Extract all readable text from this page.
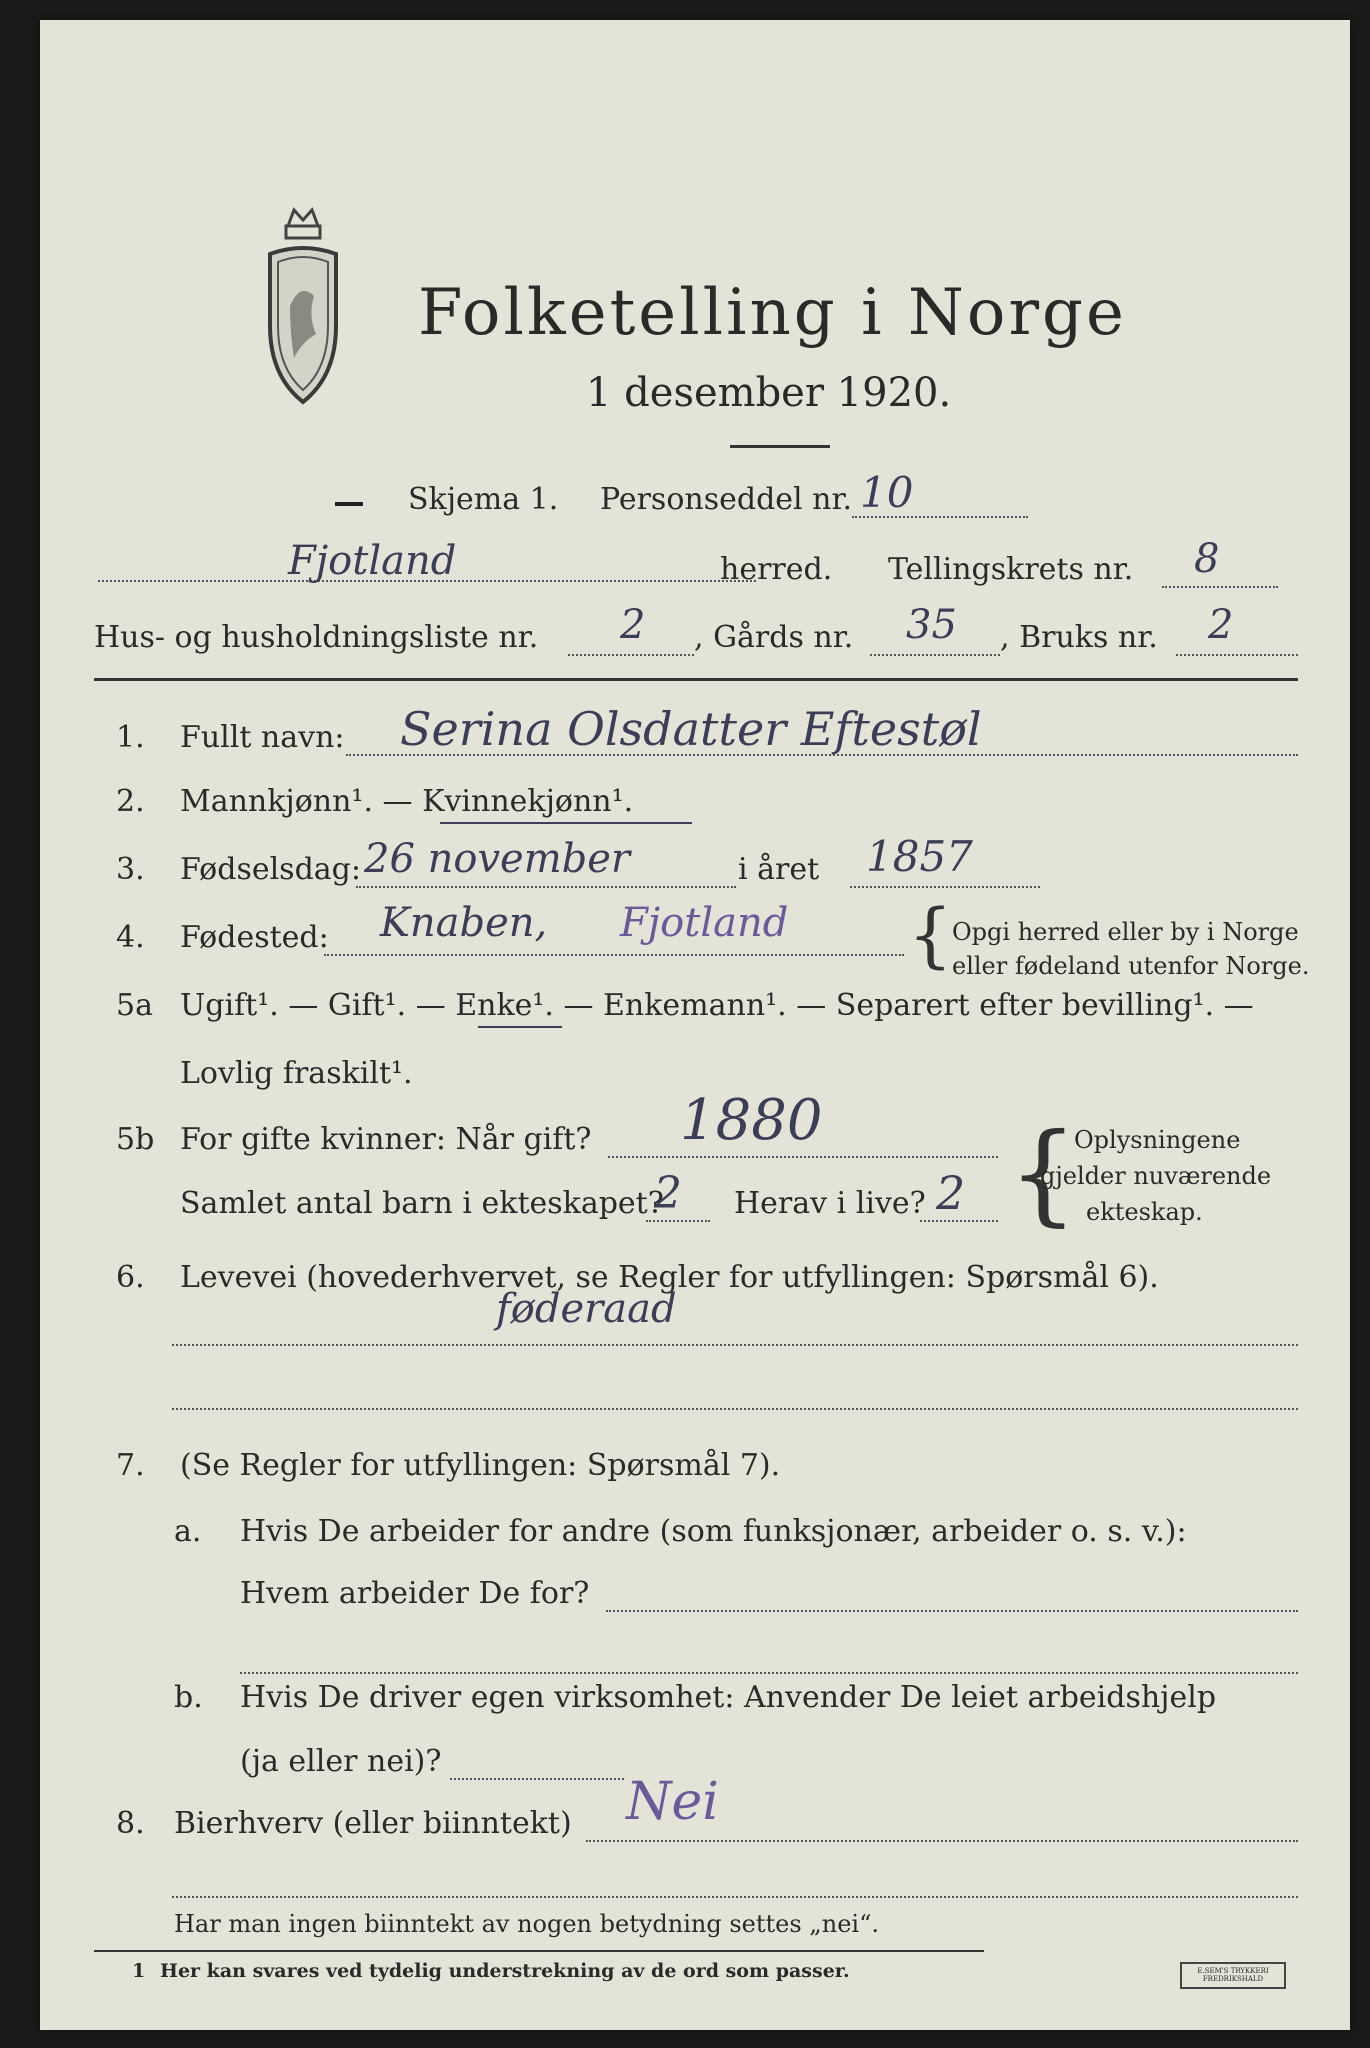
Folketelling i Norge
1 desember 1920.
Skjema 1. Personseddel nr. 10
Fjotland	herred. Tellingskrets nr. 8
Hus- og husholdningsliste nr. 2 , Gårds nr. 35 , Bruks nr. 2
1. Fullt navn: Serina Olsdatter Eftestøl
2. Mannkjønn¹. — Kvinnekjønn¹.
3. Fødselsdag: 26 november	i året 1857
4. Fødested: Knaben, Fjotland { Opgi herred eller by i Norge
eller fødeland utenfor Norge.
5a Ugift¹. — Gift¹. — Enke¹. — Enkemann¹. — Separert efter bevilling¹. —
Lovlig fraskilt¹.
5b For gifte kvinner: Når gift? 1880
Samlet antal barn i ekteskapet?
2 Herav i live? 2 {
Oplysningene
gjelder nuværende
ekteskap.
6. Levevei (hovederhvervet, se Regler for utfyllingen: Spørsmål 6).
føderaad
7. (Se Regler for utfyllingen: Spørsmål 7).
a. Hvis De arbeider for andre (som funksjonær, arbeider o. s. v.):
Hvem arbeider De for?
b. Hvis De driver egen virksomhet: Anvender De leiet arbeidshjelp
(ja eller nei)?
8. Bierhverv (eller biinntekt) Nei
Har man ingen biinntekt av nogen betydning settes „nei“.
1 Her kan svares ved tydelig understrekning av de ord som passer.	E.SEM'S TRYKKERI FREDRIKSHALD
